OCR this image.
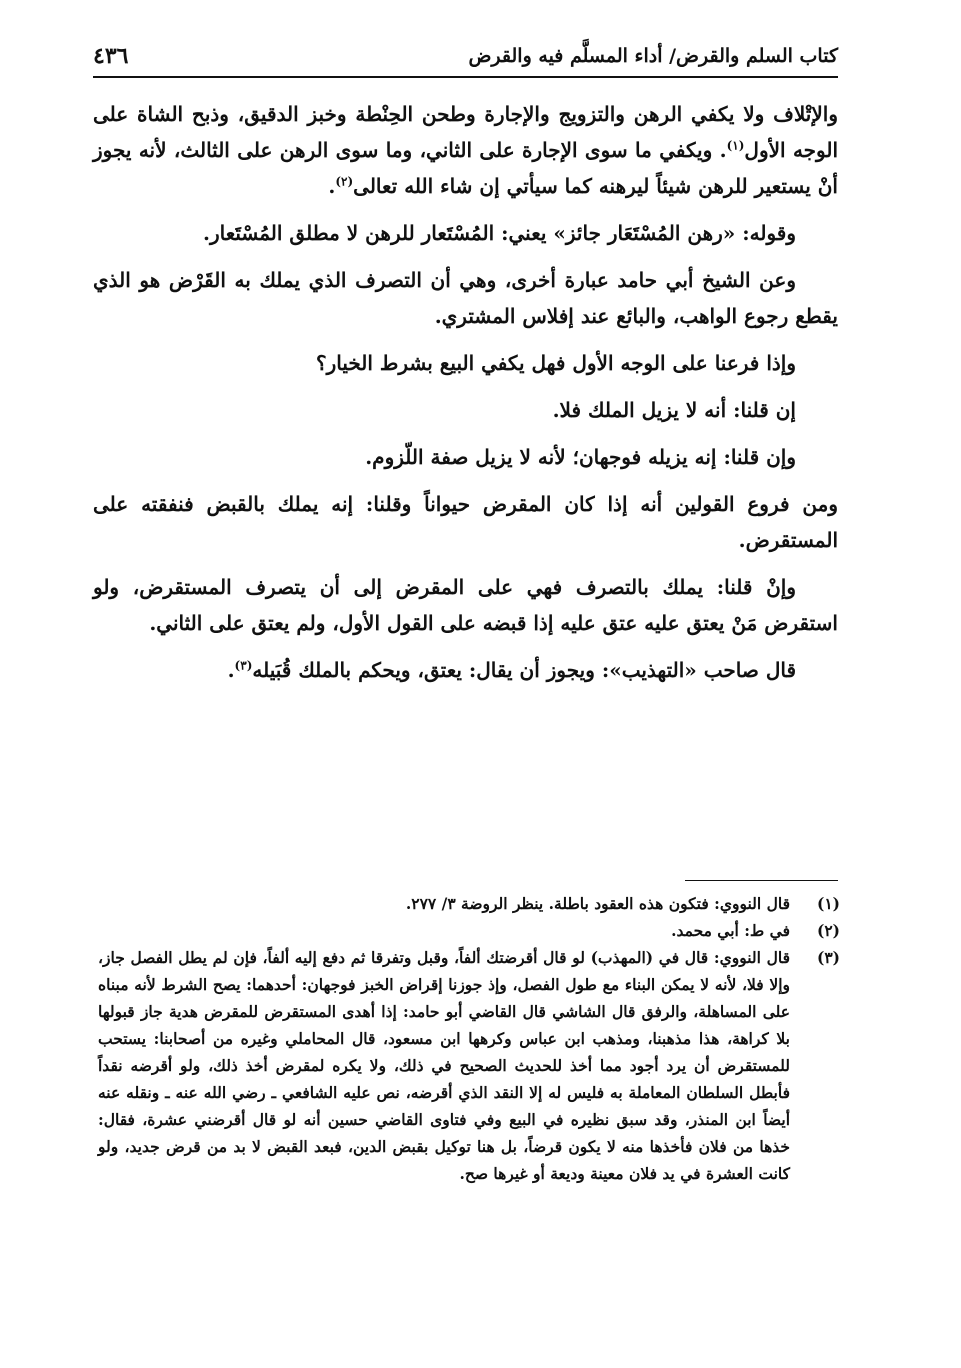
كتاب السلم والقرض/ أداء المسلَّم فيه والقرض
٤٣٦

والإتْلاف ولا يكفي الرهن والتزويج والإجارة وطحن الحِنْطة وخبز الدقيق، وذبح الشاة على الوجه الأول$^{(١)}$. ويكفي ما سوى الإجارة على الثاني، وما سوى الرهن على الثالث، لأنه يجوز أنْ يستعير للرهن شيئاً ليرهنه كما سيأتي إن شاء الله تعالى$^{(٢)}$.

وقوله: «رهن المُسْتَعَار جائز» يعني: المُسْتَعار للرهن لا مطلق المُسْتَعار.

وعن الشيخ أبي حامد عبارة أخرى، وهي أن التصرف الذي يملك به القَرْض هو الذي يقطع رجوع الواهب، والبائع عند إفلاس المشتري.

وإذا فرعنا على الوجه الأول فهل يكفي البيع بشرط الخيار؟

إن قلنا: أنه لا يزيل الملك فلا.

وإن قلنا: إنه يزيله فوجهان؛ لأنه لا يزيل صفة اللّزوم.

ومن فروع القولين أنه إذا كان المقرض حيواناً وقلنا: إنه يملك بالقبض فنفقته على المستقرض.

وإنْ قلنا: يملك بالتصرف فهي على المقرض إلى أن يتصرف المستقرض، ولو استقرض مَنْ يعتق عليه عتق عليه إذا قبضه على القول الأول، ولم يعتق على الثاني.

قال صاحب «التهذيب»: ويجوز أن يقال: يعتق، ويحكم بالملك قُبَيله$^{(٣)}$.

(١)
قال النووي: فتكون هذه العقود باطلة. ينظر الروضة ٣/ ٢٧٧.
(٢)
في ط: أبي محمد.
(٣)
قال النووي: قال في (المهذب) لو قال أقرضتك ألفاً، وقبل وتفرقا ثم دفع إليه ألفاً، فإن لم يطل الفصل جاز، وإلا فلا، لأنه لا يمكن البناء مع طول الفصل، وإذ جوزنا إقراض الخبز فوجهان: أحدهما: يصح الشرط لأنه مبناه على المساهلة، والرفق قال الشاشي قال القاضي أبو حامد: إذا أهدى المستقرض للمقرض هدية جاز قبولها بلا كراهة، هذا مذهبنا، ومذهب ابن عباس وكرهها ابن مسعود، قال المحاملي وغيره من أصحابنا: يستحب للمستقرض أن يرد أجود مما أخذ للحديث الصحيح في ذلك، ولا يكره لمقرض أخذ ذلك، ولو أقرضه نقداً فأبطل السلطان المعاملة به فليس له إلا النقد الذي أقرضه، نص عليه الشافعي ـ رضي الله عنه ـ ونقله عنه أيضاً ابن المنذر، وقد سبق نظيره في البيع وفي فتاوى القاضي حسين أنه لو قال أقرضني عشرة، فقال: خذها من فلان فأخذها منه لا يكون قرضاً، بل هنا توكيل بقبض الدين، فبعد القبض لا بد من قرض جديد، ولو كانت العشرة في يد فلان معينة وديعة أو غيرها صح.
